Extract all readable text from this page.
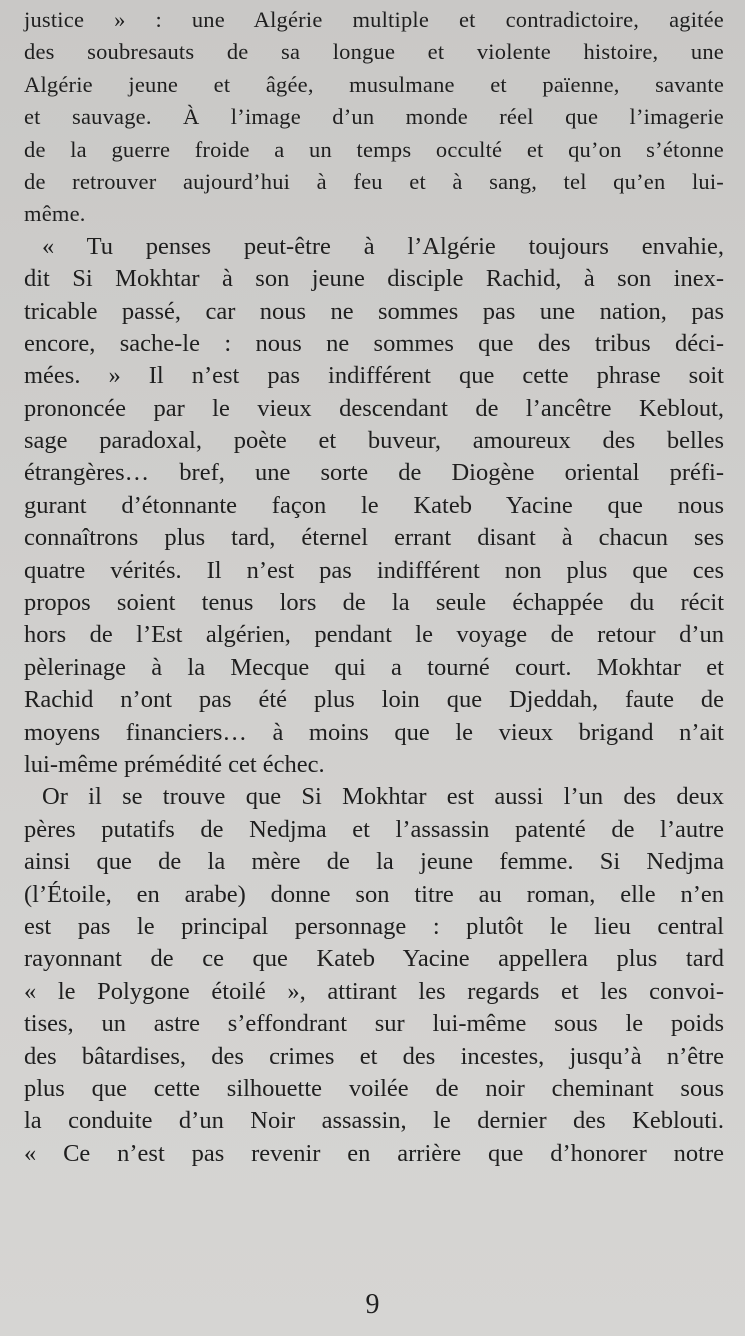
justice » : une Algérie multiple et contradictoire, agitée
des soubresauts de sa longue et violente histoire, une
Algérie jeune et âgée, musulmane et païenne, savante
et sauvage. À l’image d’un monde réel que l’imagerie
de la guerre froide a un temps occulté et qu’on s’étonne
de retrouver aujourd’hui à feu et à sang, tel qu’en lui-
même.
« Tu penses peut-être à l’Algérie toujours envahie,
dit Si Mokhtar à son jeune disciple Rachid, à son inex-
tricable passé, car nous ne sommes pas une nation, pas
encore, sache-le : nous ne sommes que des tribus déci-
mées. » Il n’est pas indifférent que cette phrase soit
prononcée par le vieux descendant de l’ancêtre Keblout,
sage paradoxal, poète et buveur, amoureux des belles
étrangères… bref, une sorte de Diogène oriental préfi-
gurant d’étonnante façon le Kateb Yacine que nous
connaîtrons plus tard, éternel errant disant à chacun ses
quatre vérités. Il n’est pas indifférent non plus que ces
propos soient tenus lors de la seule échappée du récit
hors de l’Est algérien, pendant le voyage de retour d’un
pèlerinage à la Mecque qui a tourné court. Mokhtar et
Rachid n’ont pas été plus loin que Djeddah, faute de
moyens financiers… à moins que le vieux brigand n’ait
lui-même prémédité cet échec.
Or il se trouve que Si Mokhtar est aussi l’un des deux
pères putatifs de Nedjma et l’assassin patenté de l’autre
ainsi que de la mère de la jeune femme. Si Nedjma
(l’Étoile, en arabe) donne son titre au roman, elle n’en
est pas le principal personnage : plutôt le lieu central
rayonnant de ce que Kateb Yacine appellera plus tard
« le Polygone étoilé », attirant les regards et les convoi-
tises, un astre s’effondrant sur lui-même sous le poids
des bâtardises, des crimes et des incestes, jusqu’à n’être
plus que cette silhouette voilée de noir cheminant sous
la conduite d’un Noir assassin, le dernier des Keblouti.
« Ce n’est pas revenir en arrière que d’honorer notre
9
